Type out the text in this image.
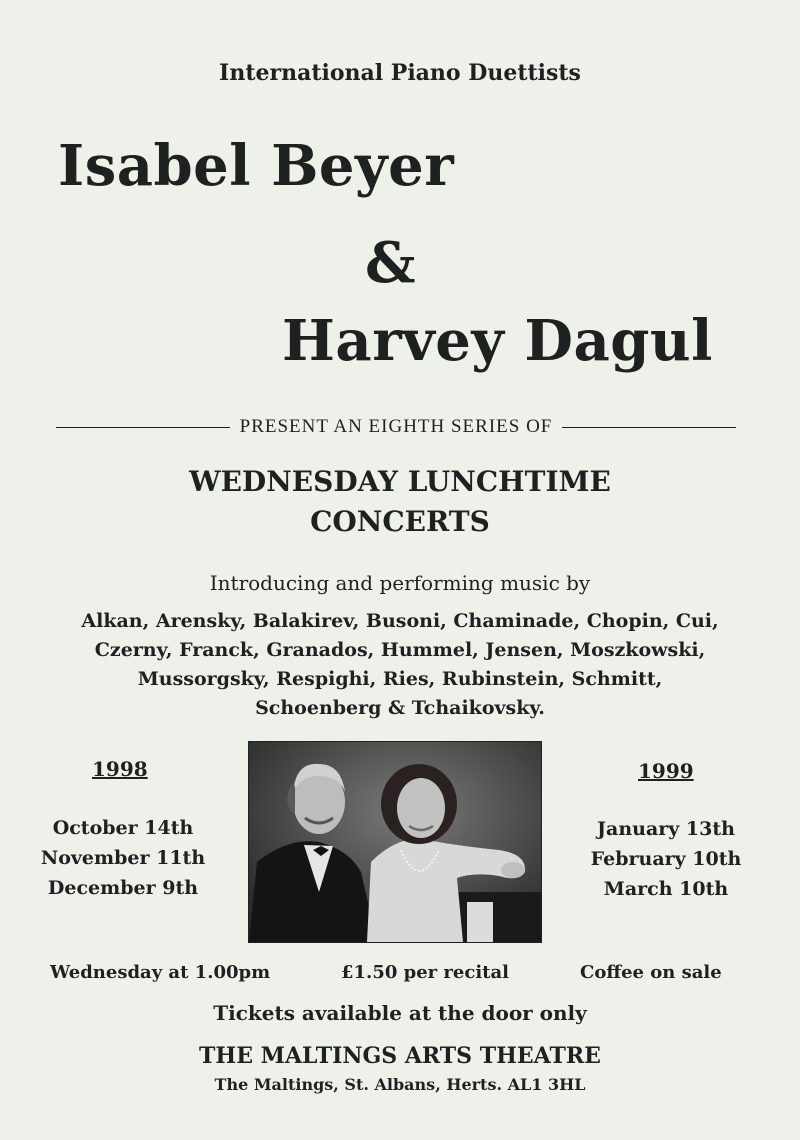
International Piano Duettists
Isabel Beyer
&
Harvey Dagul
PRESENT AN EIGHTH SERIES OF
WEDNESDAY LUNCHTIME
CONCERTS
Introducing and performing music by
Alkan, Arensky, Balakirev, Busoni, Chaminade, Chopin, Cui,
Czerny, Franck, Granados, Hummel, Jensen, Moszkowski,
Mussorgsky, Respighi, Ries, Rubinstein, Schmitt,
Schoenberg & Tchaikovsky.
1998
October 14th
November 11th
December 9th
1999
January 13th
February 10th
March 10th
Wednesday at 1.00pm	£1.50 per recital	Coffee on sale
Tickets available at the door only
THE MALTINGS ARTS THEATRE
The Maltings, St. Albans, Herts. AL1 3HL
